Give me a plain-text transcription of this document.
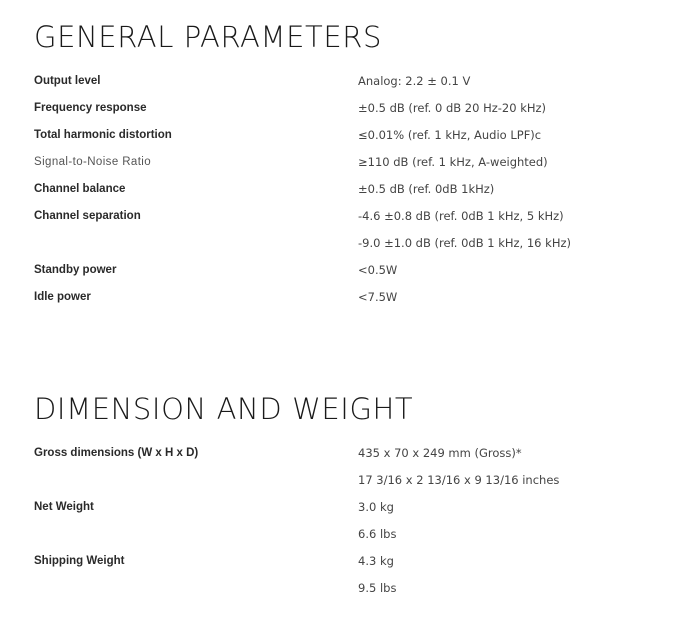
GENERAL PARAMETERS
Output level	Analog: 2.2 ± 0.1 V
Frequency response	±0.5 dB (ref. 0 dB 20 Hz-20 kHz)
Total harmonic distortion	≤0.01% (ref. 1 kHz, Audio LPF)c
Signal-to-Noise Ratio	≥110 dB (ref. 1 kHz, A-weighted)
Channel balance	±0.5 dB (ref. 0dB 1kHz)
Channel separation	-4.6 ±0.8 dB (ref. 0dB 1 kHz, 5 kHz)
-9.0 ±1.0 dB (ref. 0dB 1 kHz, 16 kHz)
Standby power	<0.5W
Idle power	<7.5W
DIMENSION AND WEIGHT
Gross dimensions (W x H x D)	435 x 70 x 249 mm (Gross)*
17 3/16 x 2 13/16 x 9 13/16 inches
Net Weight	3.0 kg
6.6 lbs
Shipping Weight	4.3 kg
9.5 lbs
